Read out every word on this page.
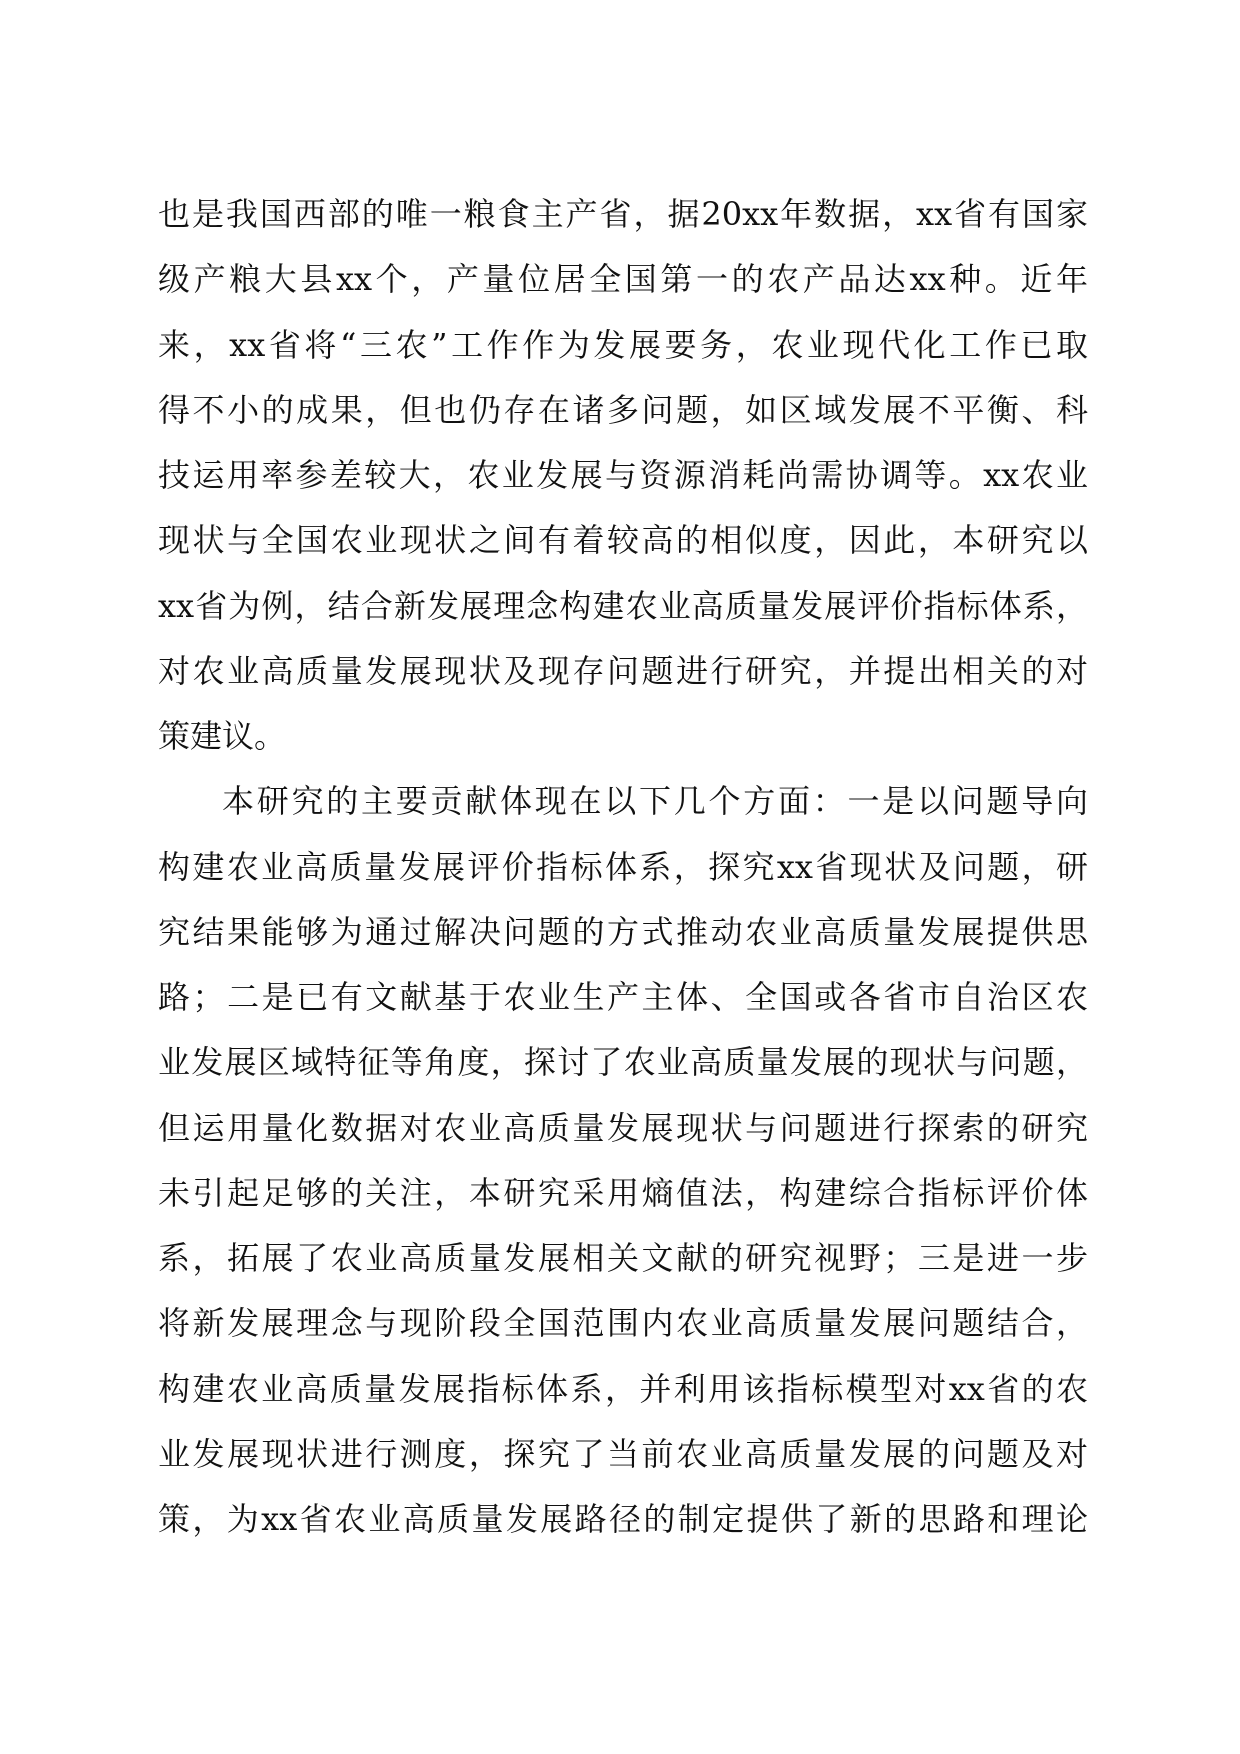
也是我国西部的唯一粮食主产省，据20xx年数据，xx省有国家
级产粮大县xx个，产量位居全国第一的农产品达xx种。近年
来，xx省将“三农”工作作为发展要务，农业现代化工作已取
得不小的成果，但也仍存在诸多问题，如区域发展不平衡、科
技运用率参差较大，农业发展与资源消耗尚需协调等。xx农业
现状与全国农业现状之间有着较高的相似度，因此，本研究以
xx省为例，结合新发展理念构建农业高质量发展评价指标体系，
对农业高质量发展现状及现存问题进行研究，并提出相关的对
策建议。
本研究的主要贡献体现在以下几个方面：一是以问题导向
构建农业高质量发展评价指标体系，探究xx省现状及问题，研
究结果能够为通过解决问题的方式推动农业高质量发展提供思
路；二是已有文献基于农业生产主体、全国或各省市自治区农
业发展区域特征等角度，探讨了农业高质量发展的现状与问题，
但运用量化数据对农业高质量发展现状与问题进行探索的研究
未引起足够的关注，本研究采用熵值法，构建综合指标评价体
系，拓展了农业高质量发展相关文献的研究视野；三是进一步
将新发展理念与现阶段全国范围内农业高质量发展问题结合，
构建农业高质量发展指标体系，并利用该指标模型对xx省的农
业发展现状进行测度，探究了当前农业高质量发展的问题及对
策，为xx省农业高质量发展路径的制定提供了新的思路和理论
